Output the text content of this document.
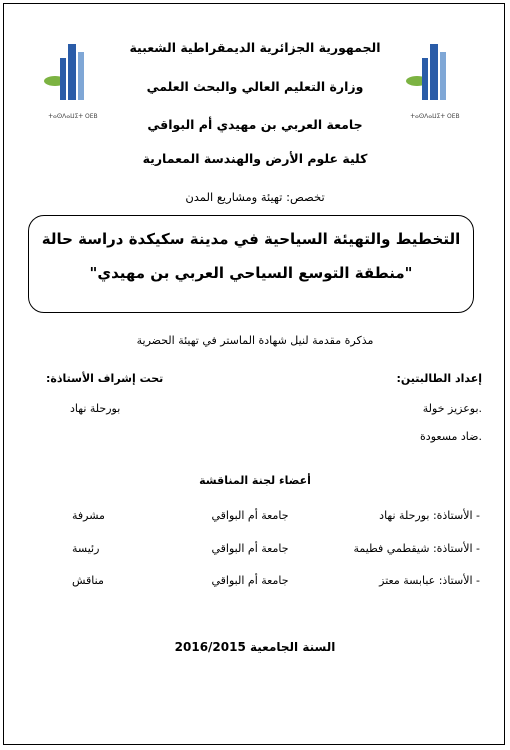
ⵜⴰⵙⴷⴰⵡⵉⵜ OEB	ⵜⴰⵙⴷⴰⵡⵉⵜ OEB
الجمهورية الجزائرية الديمقراطية الشعبية
وزارة التعليم العالي والبحث العلمي
جامعة العربي بن مهيدي أم البواقي
كلية علوم الأرض والهندسة المعمارية
تخصص: تهيئة ومشاريع المدن
التخطيط والتهيئة السياحية في مدينة سكيكدة دراسة حالة
"منطقة التوسع السياحي العربي بن مهيدي"
مذكرة مقدمة لنيل شهادة الماستر في تهيئة الحضرية
إعداد الطالبتين:
.بوعزيز خولة
.ضاد مسعودة
تحت إشراف الأستاذة:
بورحلة نهاد
أعضاء لجنة المناقشة
- الأستاذة: بورحلة نهاد
جامعة أم البواقي
مشرفة
- الأستاذة: شيقطمي فطيمة
جامعة أم البواقي
رئيسة
- الأستاذ: عبابسة معتز
جامعة أم البواقي
مناقش
السنة الجامعية 2016/2015
